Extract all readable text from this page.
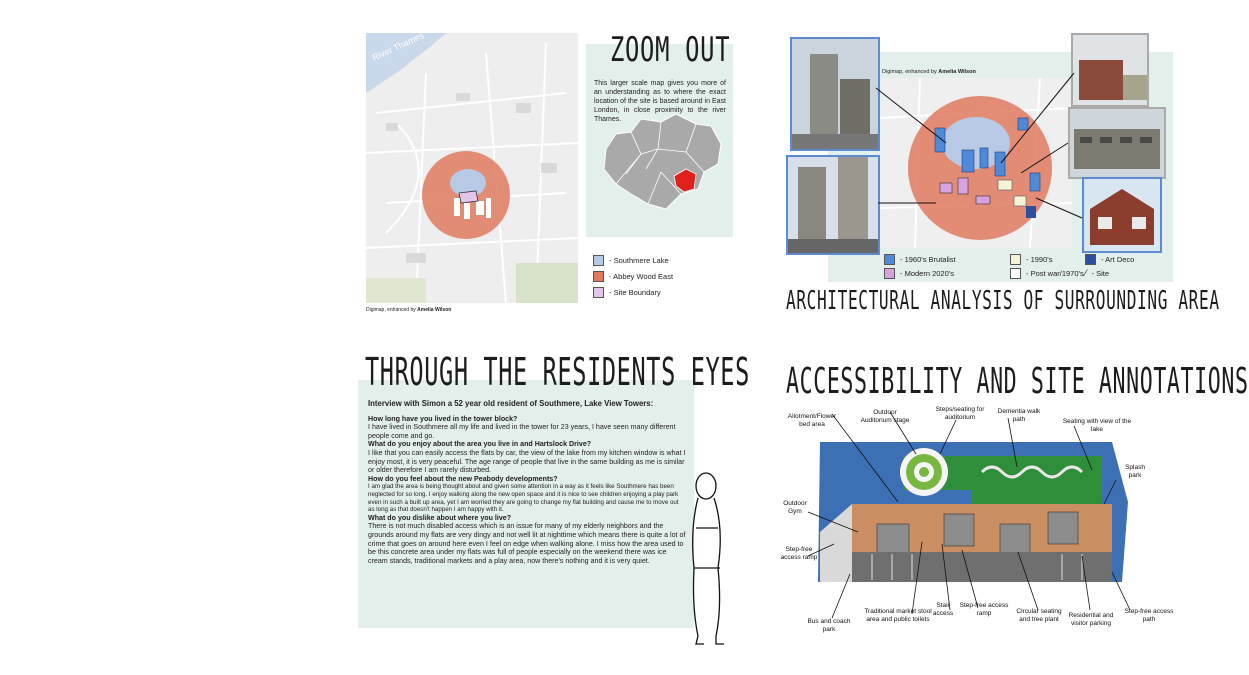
River Thames	ZOOM OUT
This larger scale map gives you more of an understanding as to where the exact location of the site is based around in East London, in close proximity to the river Thames.
- Southmere Lake
- Abbey Wood East
- Site Boundary
Digimap, enhanced by Amelia Wilson
Digimap, enhanced by Amelia Wilson
- 1960's Brutalist	- 1990's	- Art Deco
- Modern 2020's	- Post war/1970's ⁄ - Site
ARCHITECTURAL ANALYSIS OF SURROUNDING AREA
THROUGH THE RESIDENTS EYES

Interview with Simon a 52 year old resident of Southmere, Lake View Towers:

How long have you lived in the tower block?

I have lived in Southmere all my life and lived in the tower for 23 years, I have seen many different people come and go.

What do you enjoy about the area you live in and Hartslock Drive?

I like that you can easily access the flats by car, the view of the lake from my kitchen window is what I enjoy most, it is very peaceful. The age range of people that live in the same building as me is similar or older therefore I am rarely disturbed.

How do you feel about the new Peabody developments?

I am glad the area is being thought about and given some attention in a way as it feels like Southmere has been neglected for so long. I enjoy walking along the new open space and it is nice to see children enjoying a play park even in such a built up area, yet I am worried they are going to change my flat building and cause me to move out as long as that doesn't happen I am happy with it.

What do you dislike about where you live?

There is not much disabled access which is an issue for many of my elderly neighbors and the grounds around my flats are very dingy and not well lit at nighttime which means there is quite a lot of crime that goes on around here even I feel on edge when walking alone. I miss how the area used to be this concrete area under my flats was full of people especially on the weekend there was ice cream stands, traditional markets and a play area, now there's nothing and it is very quiet.

ACCESSIBILITY AND SITE ANNOTATIONS
Allotment/Flower bed area
Outdoor Auditorium stage
Steps/seating for auditorium
Dementia walk path	Seating with view of the lake
Splash park
Outdoor Gym
Step-free access ramp
Bus and coach park
Traditional market stool area and public toilets
Stair access
Step-free access ramp	Circular seating and tree plant	Residential and visitor parking
Step-free access path
